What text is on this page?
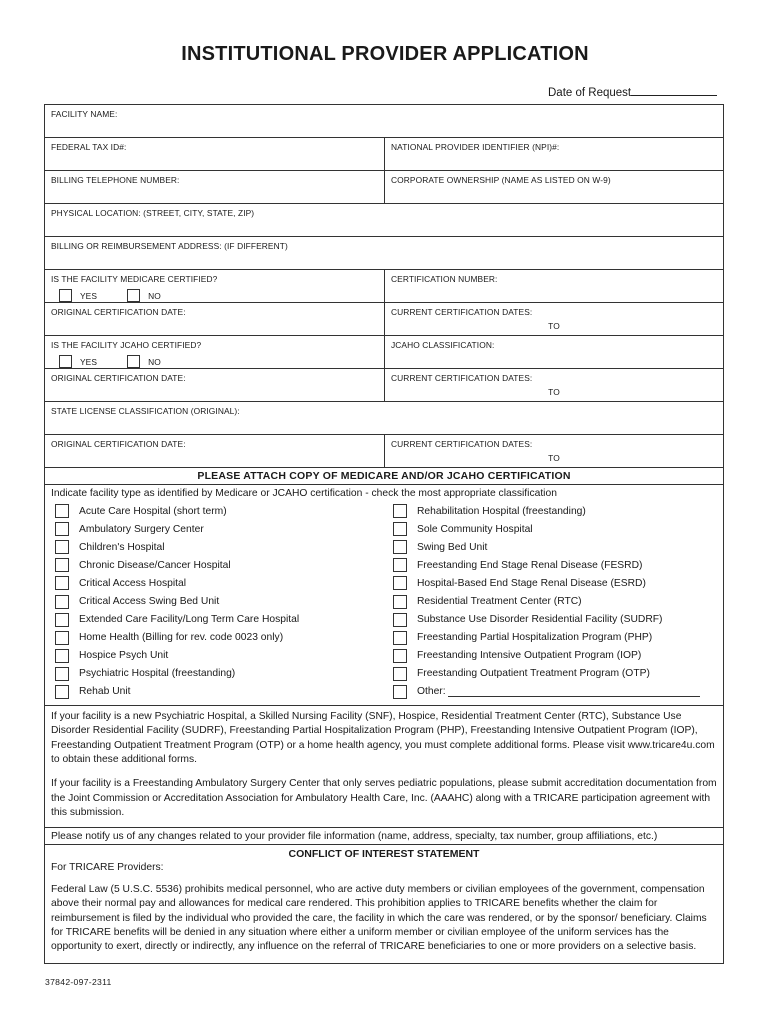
INSTITUTIONAL PROVIDER APPLICATION
Date of Request
FACILITY NAME:
FEDERAL TAX ID#:	NATIONAL PROVIDER IDENTIFIER (NPI)#:
BILLING TELEPHONE NUMBER:	CORPORATE OWNERSHIP (NAME AS LISTED ON W-9)
PHYSICAL LOCATION: (STREET, CITY, STATE, ZIP)
BILLING OR REIMBURSEMENT ADDRESS: (IF DIFFERENT)
IS THE FACILITY MEDICARE CERTIFIED?
YES	NO
CERTIFICATION NUMBER:
ORIGINAL CERTIFICATION DATE:	CURRENT CERTIFICATION DATES:
TO
IS THE FACILITY JCAHO CERTIFIED?
YES	NO
JCAHO CLASSIFICATION:
ORIGINAL CERTIFICATION DATE:	CURRENT CERTIFICATION DATES:
TO
STATE LICENSE CLASSIFICATION (ORIGINAL):
ORIGINAL CERTIFICATION DATE:	CURRENT CERTIFICATION DATES:
TO
PLEASE ATTACH COPY OF MEDICARE AND/OR JCAHO CERTIFICATION
Indicate facility type as identified by Medicare or JCAHO certification - check the most appropriate classification
Acute Care Hospital (short term)
Ambulatory Surgery Center
Children's Hospital
Chronic Disease/Cancer Hospital
Critical Access Hospital
Critical Access Swing Bed Unit
Extended Care Facility/Long Term Care Hospital
Home Health (Billing for rev. code 0023 only)
Hospice Psych Unit
Psychiatric Hospital (freestanding)
Rehab Unit
Rehabilitation Hospital (freestanding)
Sole Community Hospital
Swing Bed Unit
Freestanding End Stage Renal Disease (FESRD)
Hospital-Based End Stage Renal Disease (ESRD)
Residential Treatment Center (RTC)
Substance Use Disorder Residential Facility (SUDRF)
Freestanding Partial Hospitalization Program (PHP)
Freestanding Intensive Outpatient Program (IOP)
Freestanding Outpatient Treatment Program (OTP)
Other:
If your facility is a new Psychiatric Hospital, a Skilled Nursing Facility (SNF), Hospice, Residential Treatment Center (RTC), Substance Use Disorder Residential Facility (SUDRF), Freestanding Partial Hospitalization Program (PHP), Freestanding Intensive Outpatient Program (IOP), Freestanding Outpatient Treatment Program (OTP) or a home health agency, you must complete additional forms. Please visit www.tricare4u.com to obtain these additional forms.
If your facility is a Freestanding Ambulatory Surgery Center that only serves pediatric populations, please submit accreditation documentation from the Joint Commission or Accreditation Association for Ambulatory Health Care, Inc. (AAAHC) along with a TRICARE participation agreement with this submission.
Please notify us of any changes related to your provider file information (name, address, specialty, tax number, group affiliations, etc.)
CONFLICT OF INTEREST STATEMENT
For TRICARE Providers:
Federal Law (5 U.S.C. 5536) prohibits medical personnel, who are active duty members or civilian employees of the government, compensation above their normal pay and allowances for medical care rendered. This prohibition applies to TRICARE benefits whether the claim for reimbursement is filed by the individual who provided the care, the facility in which the care was rendered, or by the sponsor/ beneficiary. Claims for TRICARE benefits will be denied in any situation where either a uniform member or civilian employee of the uniform services has the opportunity to exert, directly or indirectly, any influence on the referral of TRICARE beneficiaries to one or more providers on a selective basis.
37842-097-2311
